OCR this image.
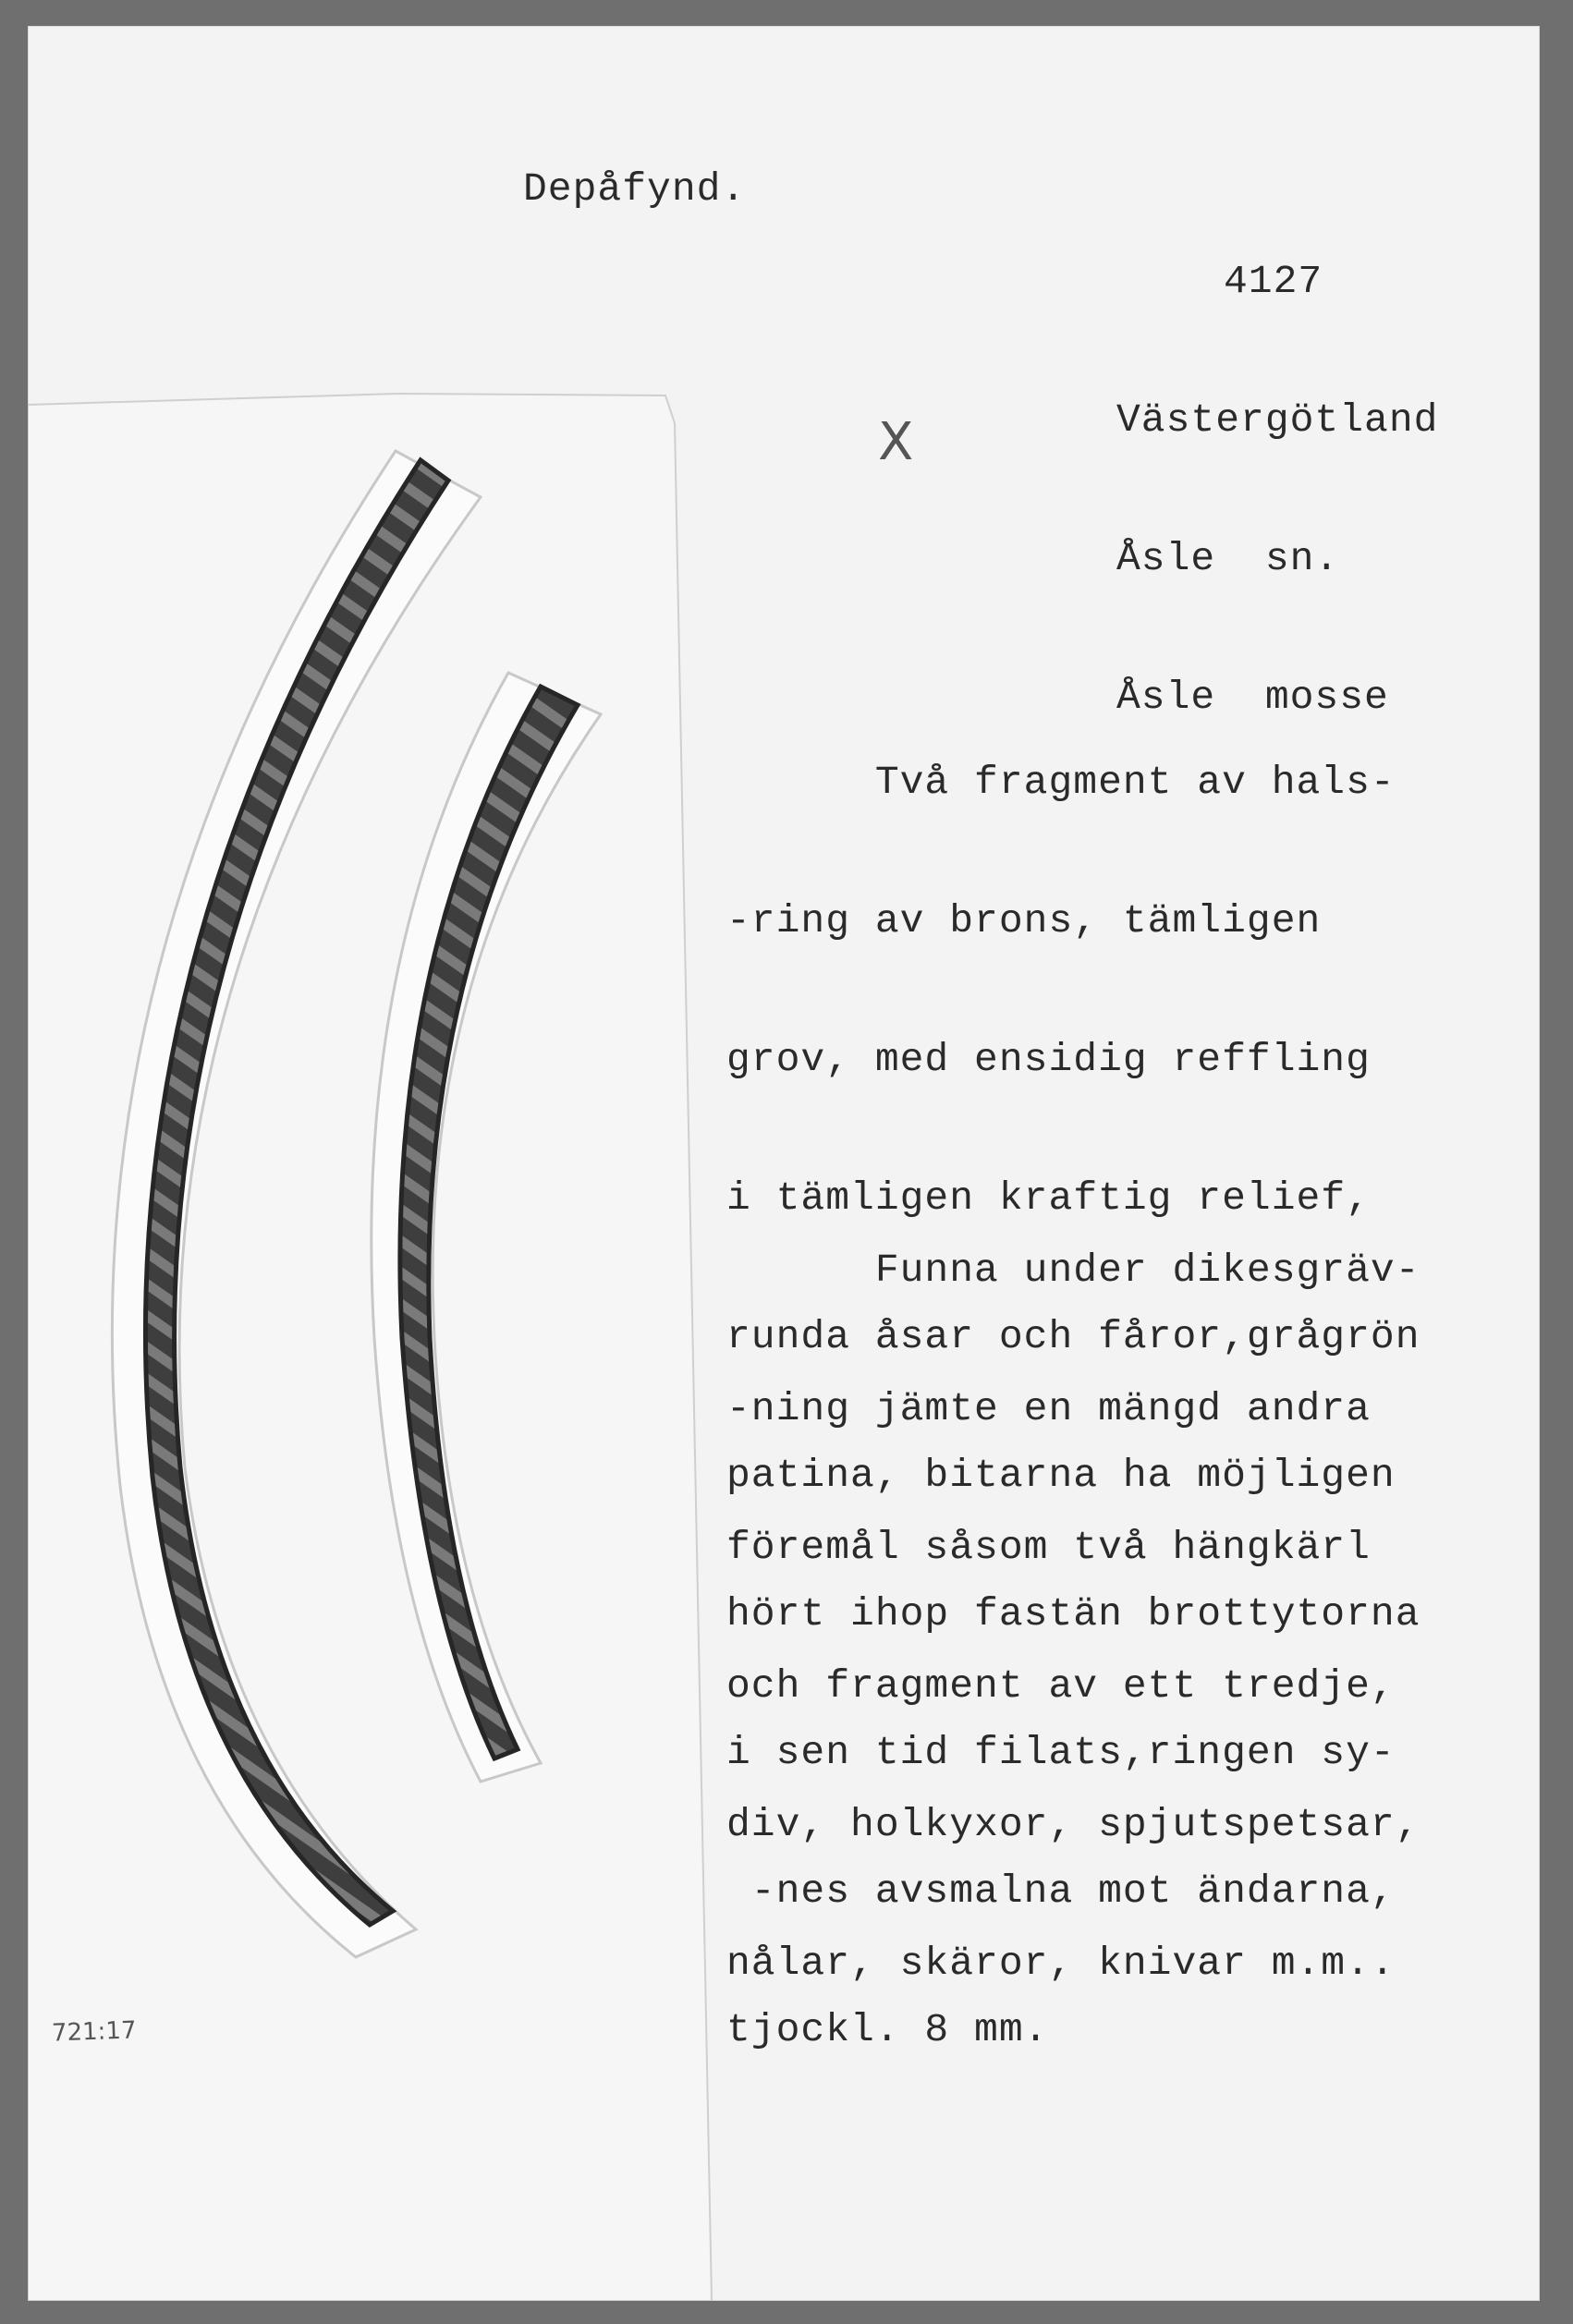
Depåfynd.

4127

Västergötland

Åsle  sn.

Åsle  mosse

X

Två fragment av hals-

-ring av brons, tämligen

grov, med ensidig reffling

i tämligen kraftig relief,

runda åsar och fåror,grågrön

patina, bitarna ha möjligen

hört ihop fastän brottytorna

i sen tid filats,ringen sy-

-nes avsmalna mot ändarna,

tjockl. 8 mm.

Funna under dikesgräv-

-ning jämte en mängd andra

föremål såsom två hängkärl

och fragment av ett tredje,

div, holkyxor, spjutspetsar,

nålar, skäror, knivar m.m..

721:17
